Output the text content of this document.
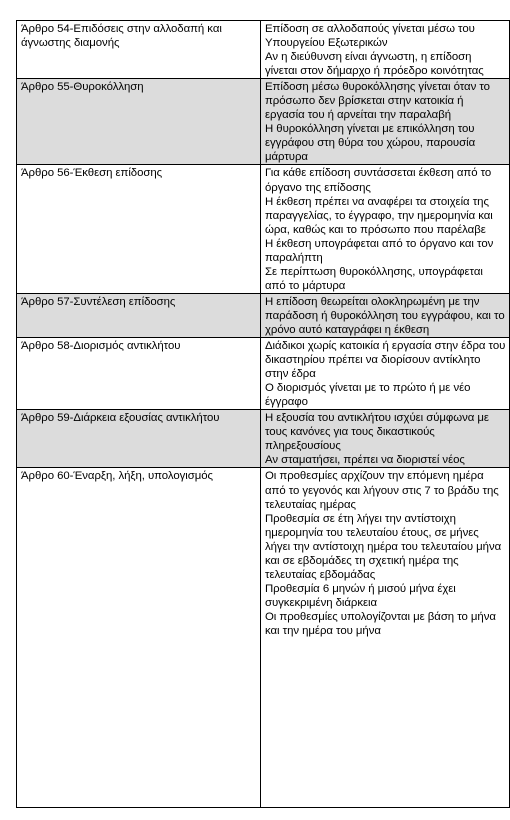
Άρθρο 54-Επιδόσεις στην αλλοδαπή και άγνωστης διαμονής	Επίδοση σε αλλοδαπούς γίνεται μέσω του Υπουργείου Εξωτερικών
Αν η διεύθυνση είναι άγνωστη, η επίδοση γίνεται στον δήμαρχο ή πρόεδρο κοινότητας

Άρθρο 55-Θυροκόλληση	Επίδοση μέσω θυροκόλλησης γίνεται όταν το πρόσωπο δεν βρίσκεται στην κατοικία ή εργασία του ή αρνείται την παραλαβή
Η θυροκόλληση γίνεται με επικόλληση του εγγράφου στη θύρα του χώρου, παρουσία μάρτυρα

Άρθρο 56-Έκθεση επίδοσης	Για κάθε επίδοση συντάσσεται έκθεση από το όργανο της επίδοσης
Η έκθεση πρέπει να αναφέρει τα στοιχεία της παραγγελίας, το έγγραφο, την ημερομηνία και ώρα, καθώς και το πρόσωπο που παρέλαβε
Η έκθεση υπογράφεται από το όργανο και τον παραλήπτη
Σε περίπτωση θυροκόλλησης, υπογράφεται από το μάρτυρα

Άρθρο 57-Συντέλεση επίδοσης	Η επίδοση θεωρείται ολοκληρωμένη με την παράδοση ή θυροκόλληση του εγγράφου, και το χρόνο αυτό καταγράφει η έκθεση

Άρθρο 58-Διορισμός αντικλήτου	Διάδικοι χωρίς κατοικία ή εργασία στην έδρα του δικαστηρίου πρέπει να διορίσουν αντίκλητο στην έδρα
Ο διορισμός γίνεται με το πρώτο ή με νέο έγγραφο

Άρθρο 59-Διάρκεια εξουσίας αντικλήτου	Η εξουσία του αντικλήτου ισχύει σύμφωνα με τους κανόνες για τους δικαστικούς πληρεξουσίους
Αν σταματήσει, πρέπει να διοριστεί νέος

Άρθρο 60-Έναρξη, λήξη, υπολογισμός	Οι προθεσμίες αρχίζουν την επόμενη ημέρα από το γεγονός και λήγουν στις 7 το βράδυ της τελευταίας ημέρας
Προθεσμία σε έτη λήγει την αντίστοιχη ημερομηνία του τελευταίου έτους, σε μήνες λήγει την αντίστοιχη ημέρα του τελευταίου μήνα και σε εβδομάδες τη σχετική ημέρα της τελευταίας εβδομάδας
Προθεσμία 6 μηνών ή μισού μήνα έχει συγκεκριμένη διάρκεια
Οι προθεσμίες υπολογίζονται με βάση το μήνα και την ημέρα του μήνα
